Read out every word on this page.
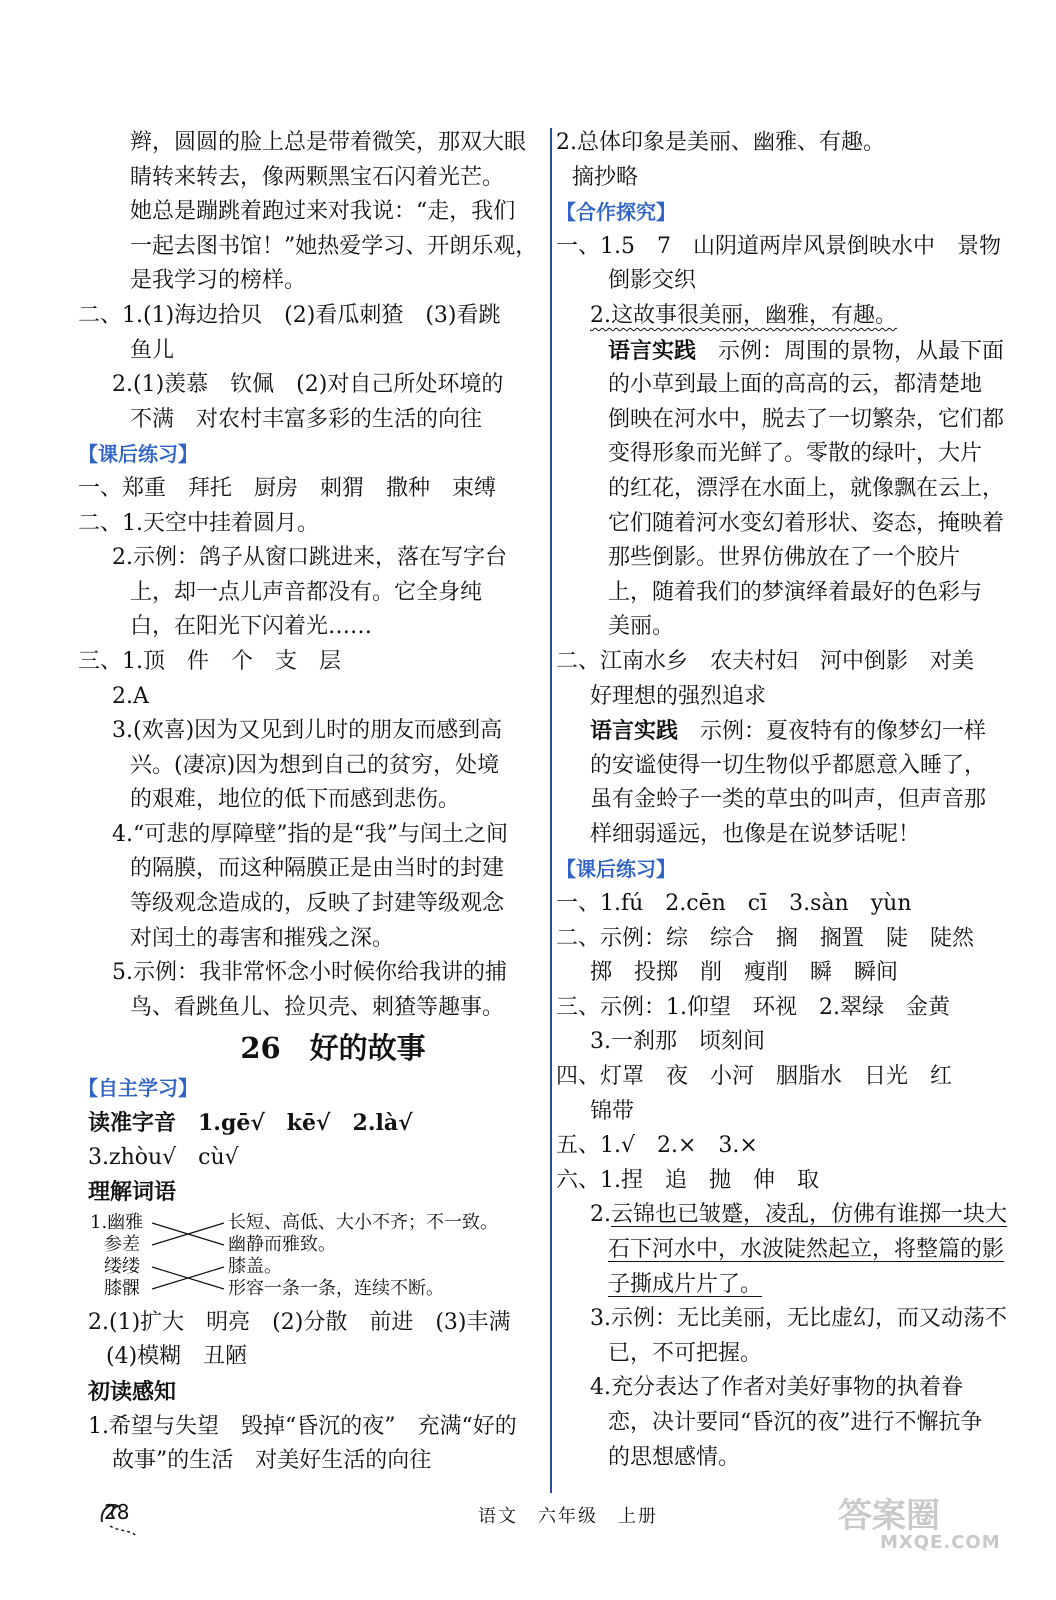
辫，圆圆的脸上总是带着微笑，那双大眼
睛转来转去，像两颗黑宝石闪着光芒。
她总是蹦跳着跑过来对我说：“走，我们
一起去图书馆！”她热爱学习、开朗乐观，
是我学习的榜样。
二、1.(1)海边拾贝　(2)看瓜刺猹　(3)看跳
鱼儿
2.(1)羡慕　钦佩　(2)对自己所处环境的
不满　对农村丰富多彩的生活的向往
【课后练习】
一、郑重　拜托　厨房　刺猬　撒种　束缚
二、1.天空中挂着圆月。
2.示例：鸽子从窗口跳进来，落在写字台
上，却一点儿声音都没有。它全身纯
白，在阳光下闪着光……
三、1.顶　件　个　支　层
2.A
3.(欢喜)因为又见到儿时的朋友而感到高
兴。(凄凉)因为想到自己的贫穷，处境
的艰难，地位的低下而感到悲伤。
4.“可悲的厚障壁”指的是“我”与闰土之间
的隔膜，而这种隔膜正是由当时的封建
等级观念造成的，反映了封建等级观念
对闰土的毒害和摧残之深。
5.示例：我非常怀念小时候你给我讲的捕
鸟、看跳鱼儿、捡贝壳、刺猹等趣事。
26　好的故事
【自主学习】
读准字音　1.gē√　kē√　2.là√
3.zhòu√　cù√
理解词语
1.幽雅
参差
缕缕
膝髁
长短、高低、大小不齐；不一致。
幽静而雅致。
膝盖。
形容一条一条，连续不断。
2.(1)扩大　明亮　(2)分散　前进　(3)丰满
(4)模糊　丑陋
初读感知
1.希望与失望　毁掉“昏沉的夜”　充满“好的
故事”的生活　对美好生活的向往
2.总体印象是美丽、幽雅、有趣。
摘抄略
【合作探究】
一、1.5　7　山阴道两岸风景倒映水中　景物
倒影交织
2.这故事很美丽，幽雅，有趣。
语言实践　示例：周围的景物，从最下面
的小草到最上面的高高的云，都清楚地
倒映在河水中，脱去了一切繁杂，它们都
变得形象而光鲜了。零散的绿叶，大片
的红花，漂浮在水面上，就像飘在云上，
它们随着河水变幻着形状、姿态，掩映着
那些倒影。世界仿佛放在了一个胶片
上，随着我们的梦演绎着最好的色彩与
美丽。
二、江南水乡　农夫村妇　河中倒影　对美
好理想的强烈追求
语言实践　示例：夏夜特有的像梦幻一样
的安谧使得一切生物似乎都愿意入睡了，
虽有金蛉子一类的草虫的叫声，但声音那
样细弱遥远，也像是在说梦话呢！
【课后练习】
一、1.fú　2.cēn　cī　3.sàn　yùn
二、示例：综　综合　搁　搁置　陡　陡然
掷　投掷　削　瘦削　瞬　瞬间
三、示例：1.仰望　环视　2.翠绿　金黄
3.一刹那　顷刻间
四、灯罩　夜　小河　胭脂水　日光　红
锦带
五、1.√　2.×　3.×
六、1.捏　追　抛　伸　取
2.云锦也已皱蹙，凌乱，仿佛有谁掷一块大
石下河水中，水波陡然起立，将整篇的影
子撕成片片了。
3.示例：无比美丽，无比虚幻，而又动荡不
已，不可把握。
4.充分表达了作者对美好事物的执着眷
恋，决计要同“昏沉的夜”进行不懈抗争
的思想感情。
28	语文　六年级　上册	答案圈
MXQE.COM
